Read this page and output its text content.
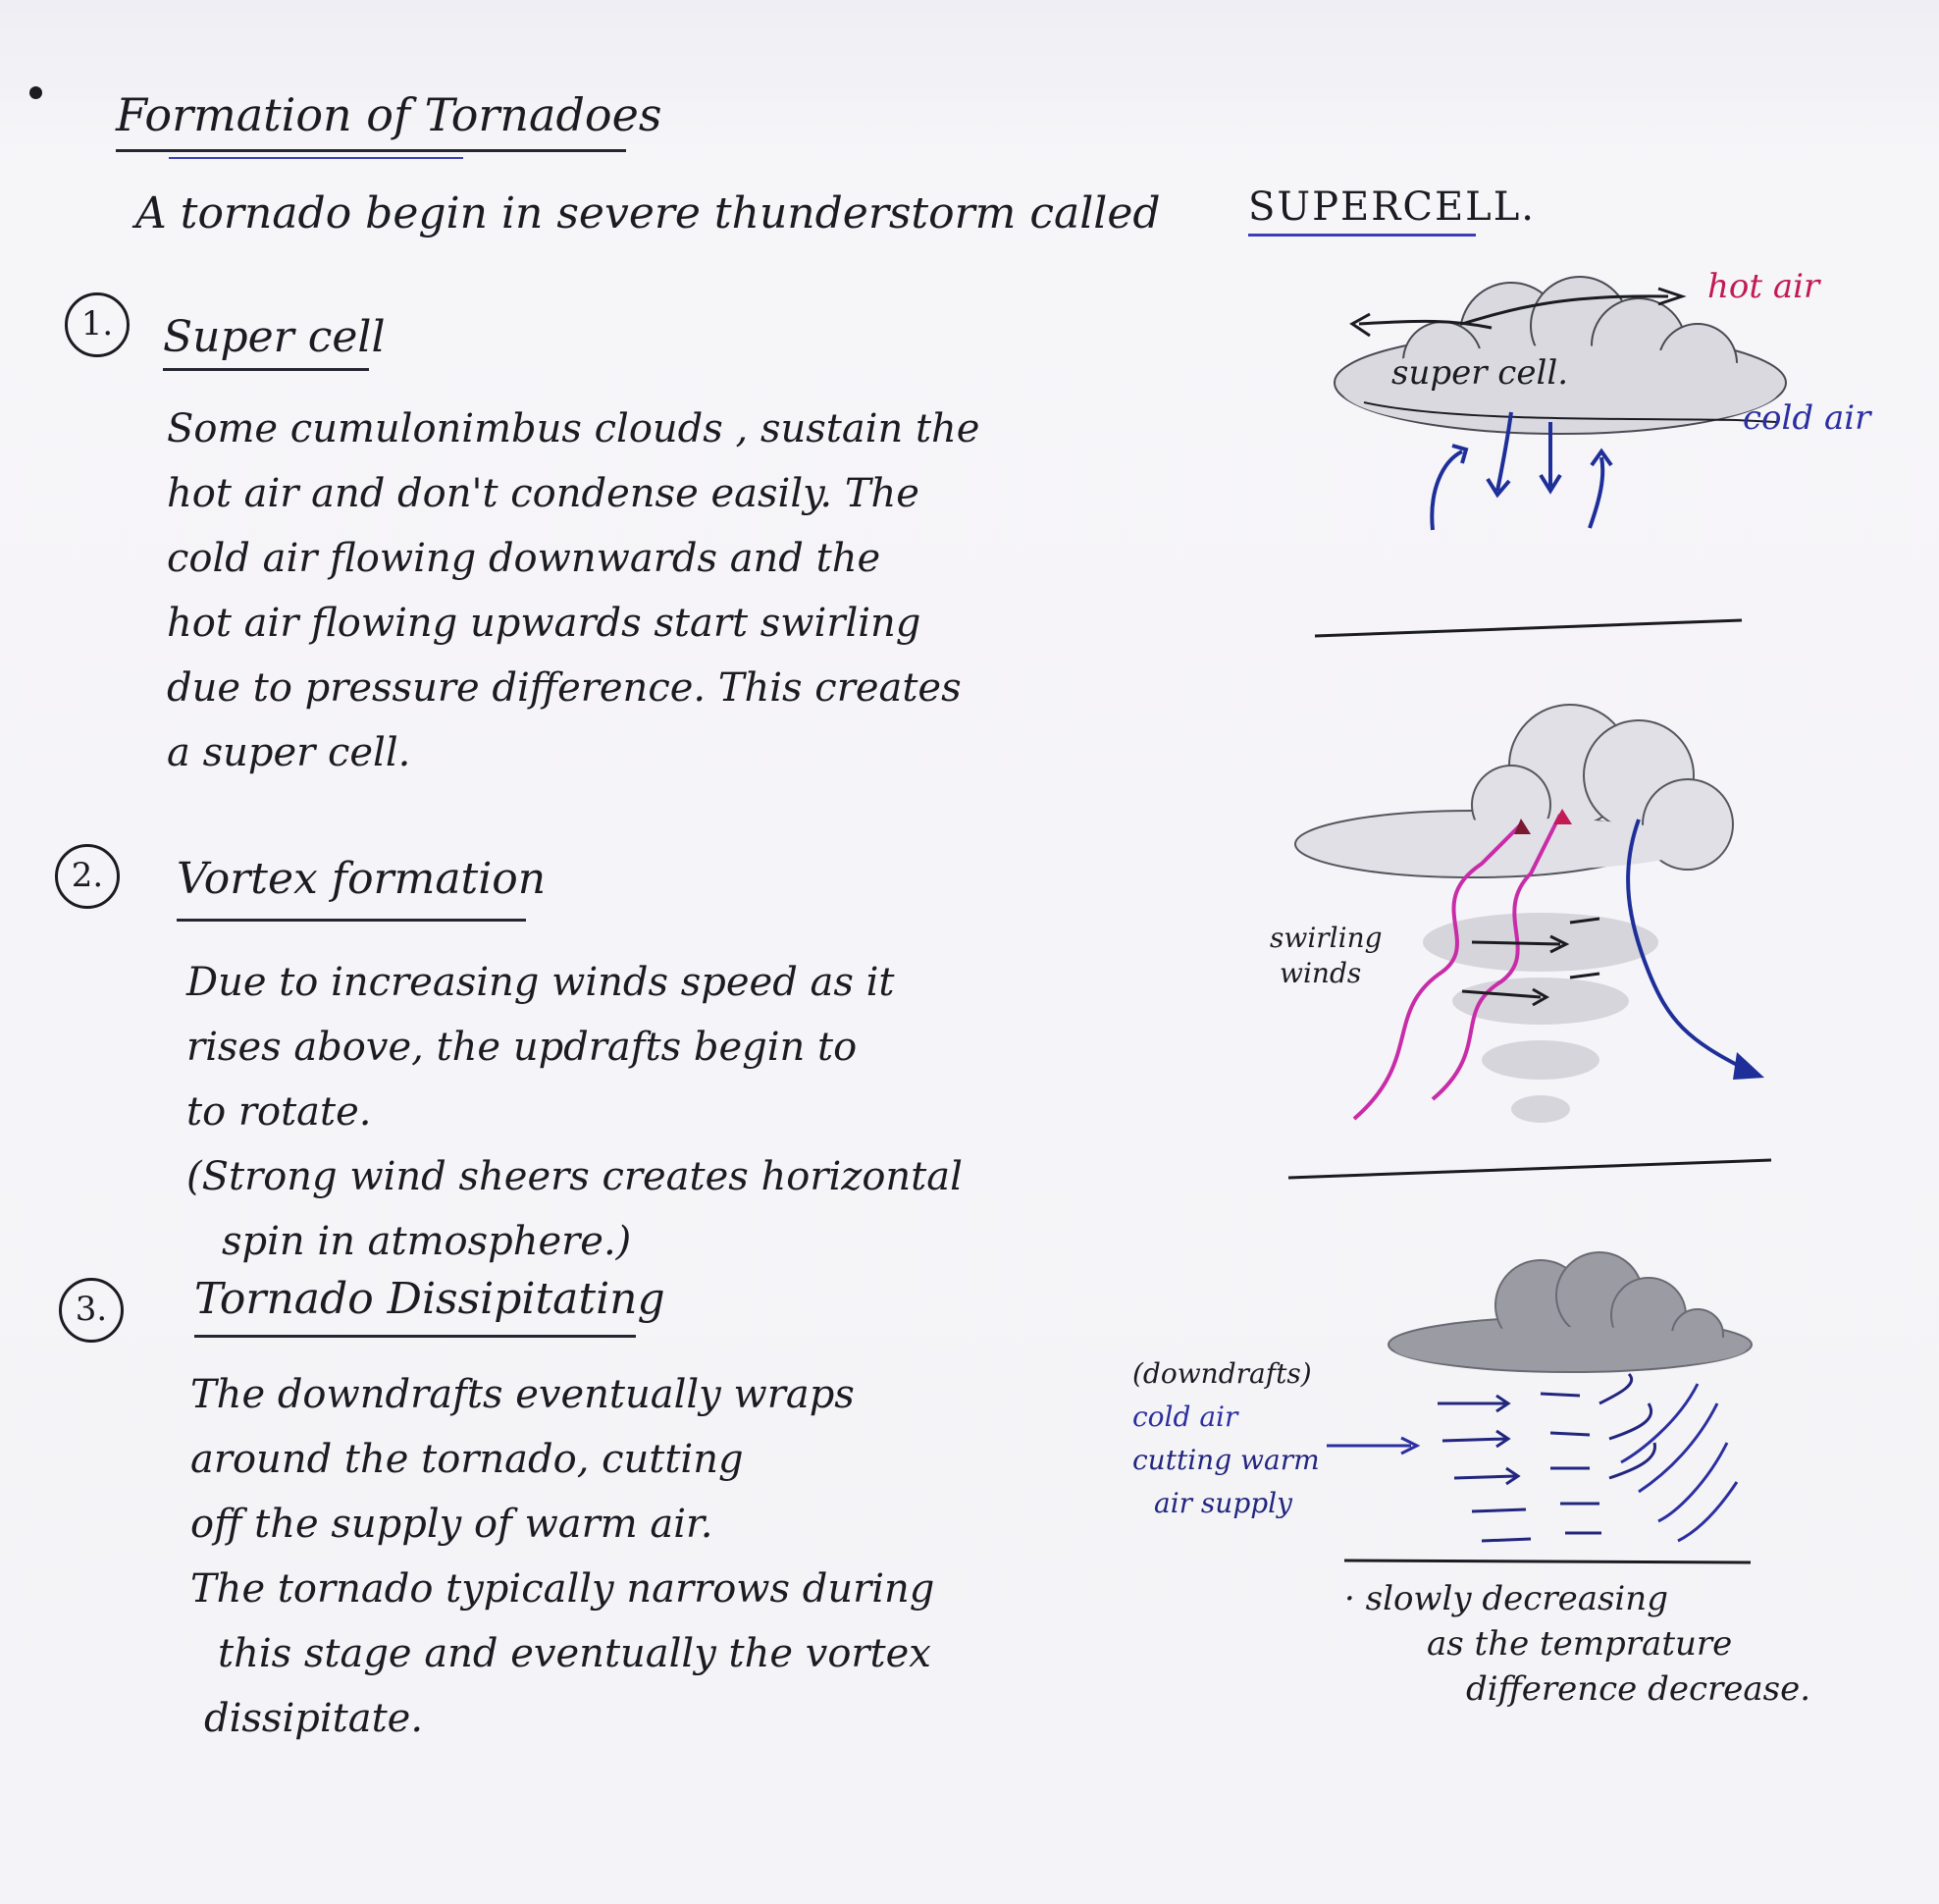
Formation of Tornadoes
A tornado begin in severe thunderstorm called SUPERCELL.
1.	Super cell
Some cumulonimbus clouds , sustain the
hot air and don't condense easily. The
cold air flowing downwards and the
hot air flowing upwards start swirling
due to pressure difference. This creates
a super cell.
2.	Vortex formation
Due to increasing winds speed as it
rises above, the updrafts begin to
to rotate.
(Strong wind sheers creates horizontal
spin in atmosphere.)
3.	Tornado Dissipitating
The downdrafts eventually wraps
around the tornado, cutting
off the supply of warm air.
The tornado typically narrows during
this stage and eventually the vortex
dissipitate.
super cell.
hot air
cold air
swirling
winds
(downdrafts)
cold air
cutting warm
air supply
· slowly decreasing
as the temprature
difference decrease.
